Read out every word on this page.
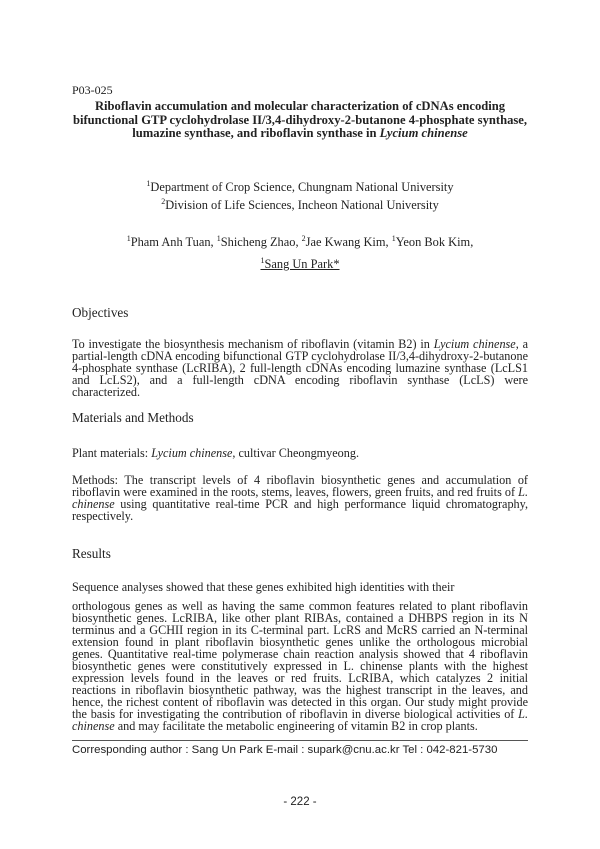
P03-025
Riboflavin accumulation and molecular characterization of cDNAs encoding bifunctional GTP cyclohydrolase II/3,4-dihydroxy-2-butanone 4-phosphate synthase, lumazine synthase, and riboflavin synthase in Lycium chinense
$^1$Department of Crop Science, Chungnam National University
$^2$Division of Life Sciences, Incheon National University
$^1$Pham Anh Tuan, $^1$Shicheng Zhao, $^2$Jae Kwang Kim, $^1$Yeon Bok Kim,
$^1$Sang Un Park*
Objectives
To investigate the biosynthesis mechanism of riboflavin (vitamin B2) in Lycium chinense, a partial-length cDNA encoding bifunctional GTP cyclohydrolase II/3,4-dihydroxy-2-butanone 4-phosphate synthase (LcRIBA), 2 full-length cDNAs encoding lumazine synthase (LcLS1 and LcLS2), and a full-length cDNA encoding riboflavin synthase (LcLS) were characterized.
Materials and Methods
Plant materials: Lycium chinense, cultivar Cheongmyeong.
Methods: The transcript levels of 4 riboflavin biosynthetic genes and accumulation of riboflavin were examined in the roots, stems, leaves, flowers, green fruits, and red fruits of L. chinense using quantitative real-time PCR and high performance liquid chromatography, respectively.
Results
Sequence analyses showed that these genes exhibited high identities with their
orthologous genes as well as having the same common features related to plant riboflavin biosynthetic genes. LcRIBA, like other plant RIBAs, contained a DHBPS region in its N terminus and a GCHII region in its C-terminal part. LcRS and McRS carried an N-terminal extension found in plant riboflavin biosynthetic genes unlike the orthologous microbial genes. Quantitative real-time polymerase chain reaction analysis showed that 4 riboflavin biosynthetic genes were constitutively expressed in L. chinense plants with the highest expression levels found in the leaves or red fruits. LcRIBA, which catalyzes 2 initial reactions in riboflavin biosynthetic pathway, was the highest transcript in the leaves, and hence, the richest content of riboflavin was detected in this organ. Our study might provide the basis for investigating the contribution of riboflavin in diverse biological activities of L. chinense and may facilitate the metabolic engineering of vitamin B2 in crop plants.
Corresponding author : Sang Un Park E-mail : supark@cnu.ac.kr Tel : 042-821-5730
- 222 -
